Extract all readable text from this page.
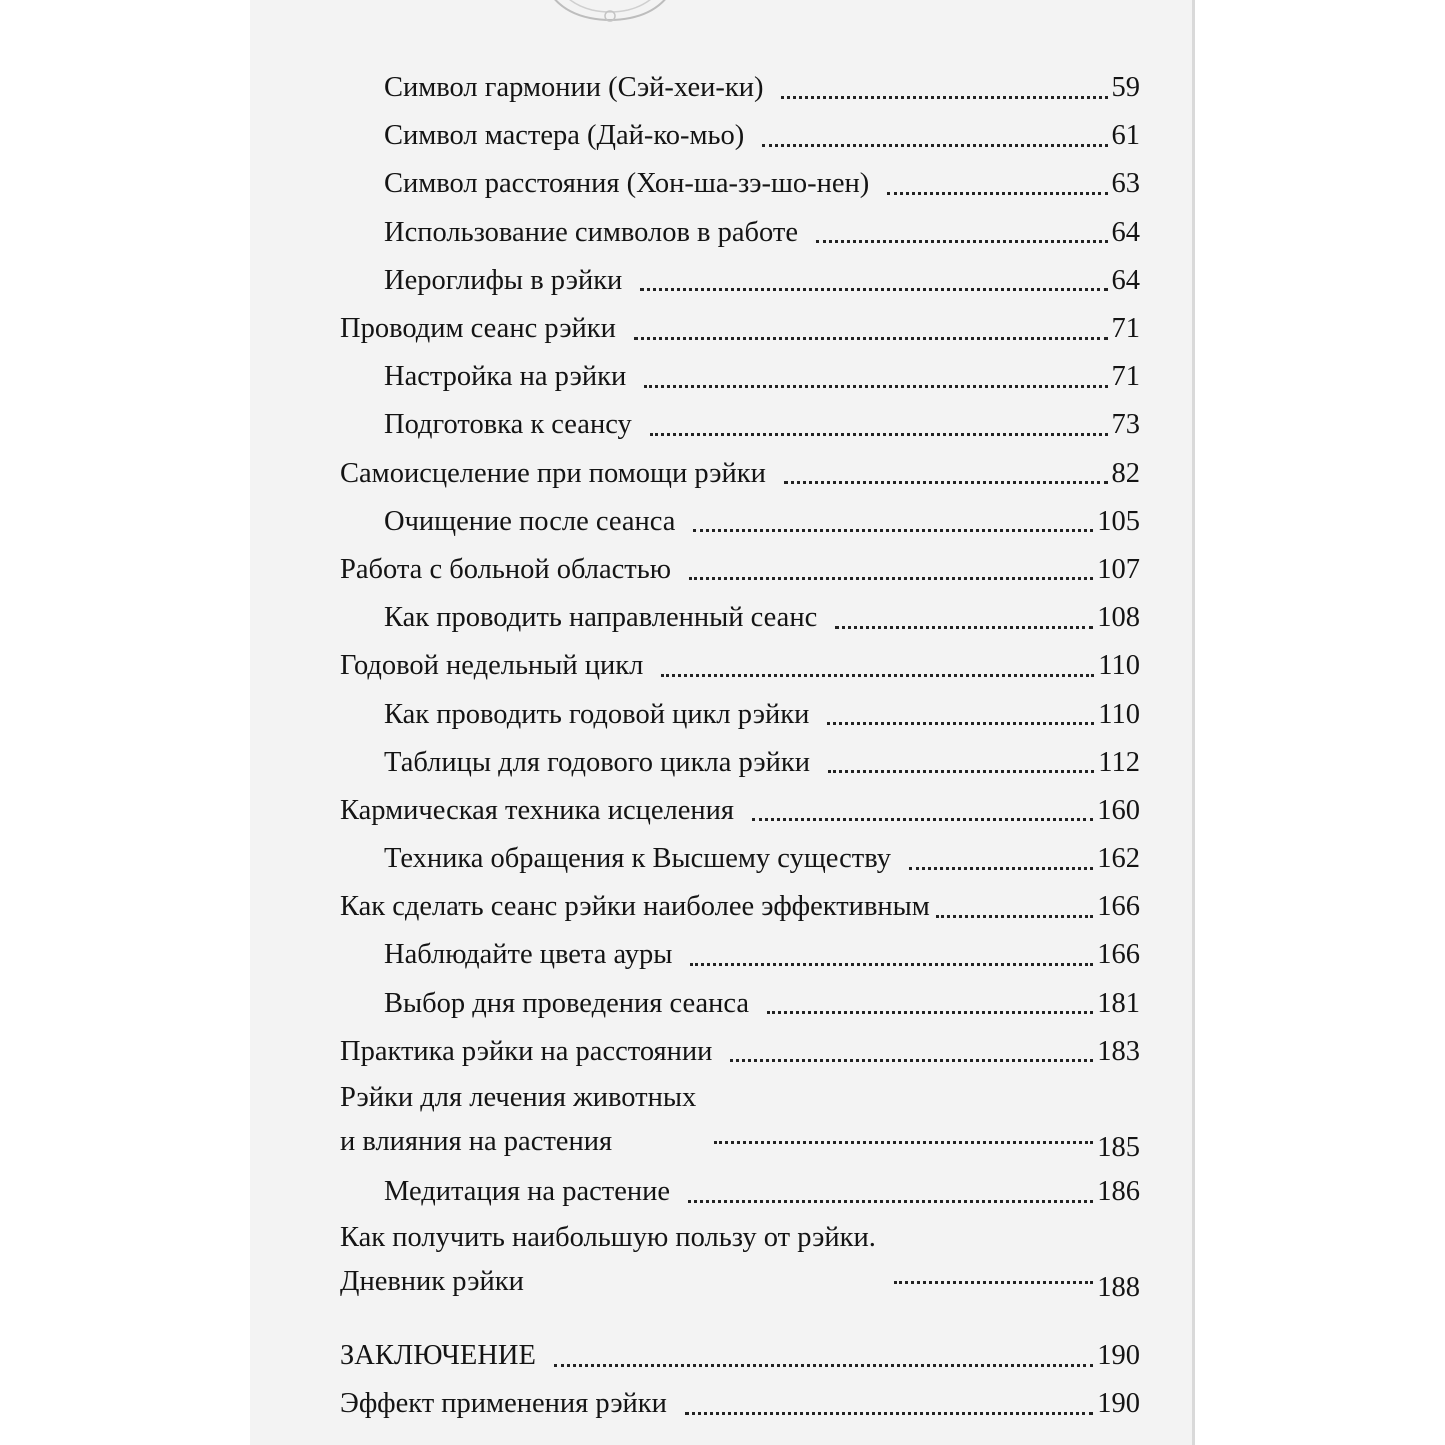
Символ гармонии (Сэй-хеи-ки)	59
Символ мастера (Дай-ко-мьо)	61
Символ расстояния (Хон-ша-зэ-шо-нен)	63
Использование символов в работе	64
Иероглифы в рэйки	64
Проводим сеанс рэйки	71
Настройка на рэйки	71
Подготовка к сеансу	73
Самоисцеление при помощи рэйки	82
Очищение после сеанса	105
Работа с больной областью	107
Как проводить направленный сеанс	108
Годовой недельный цикл	110
Как проводить годовой цикл рэйки	110
Таблицы для годового цикла рэйки	112
Кармическая техника исцеления	160
Техника обращения к Высшему существу	162
Как сделать сеанс рэйки наиболее эффективным	166
Наблюдайте цвета ауры	166
Выбор дня проведения сеанса	181
Практика рэйки на расстоянии	183
Рэйки для лечения животных
и влияния на растения	185
Медитация на растение	186
Как получить наибольшую пользу от рэйки.
Дневник рэйки	188
ЗАКЛЮЧЕНИЕ	190
Эффект применения рэйки	190
